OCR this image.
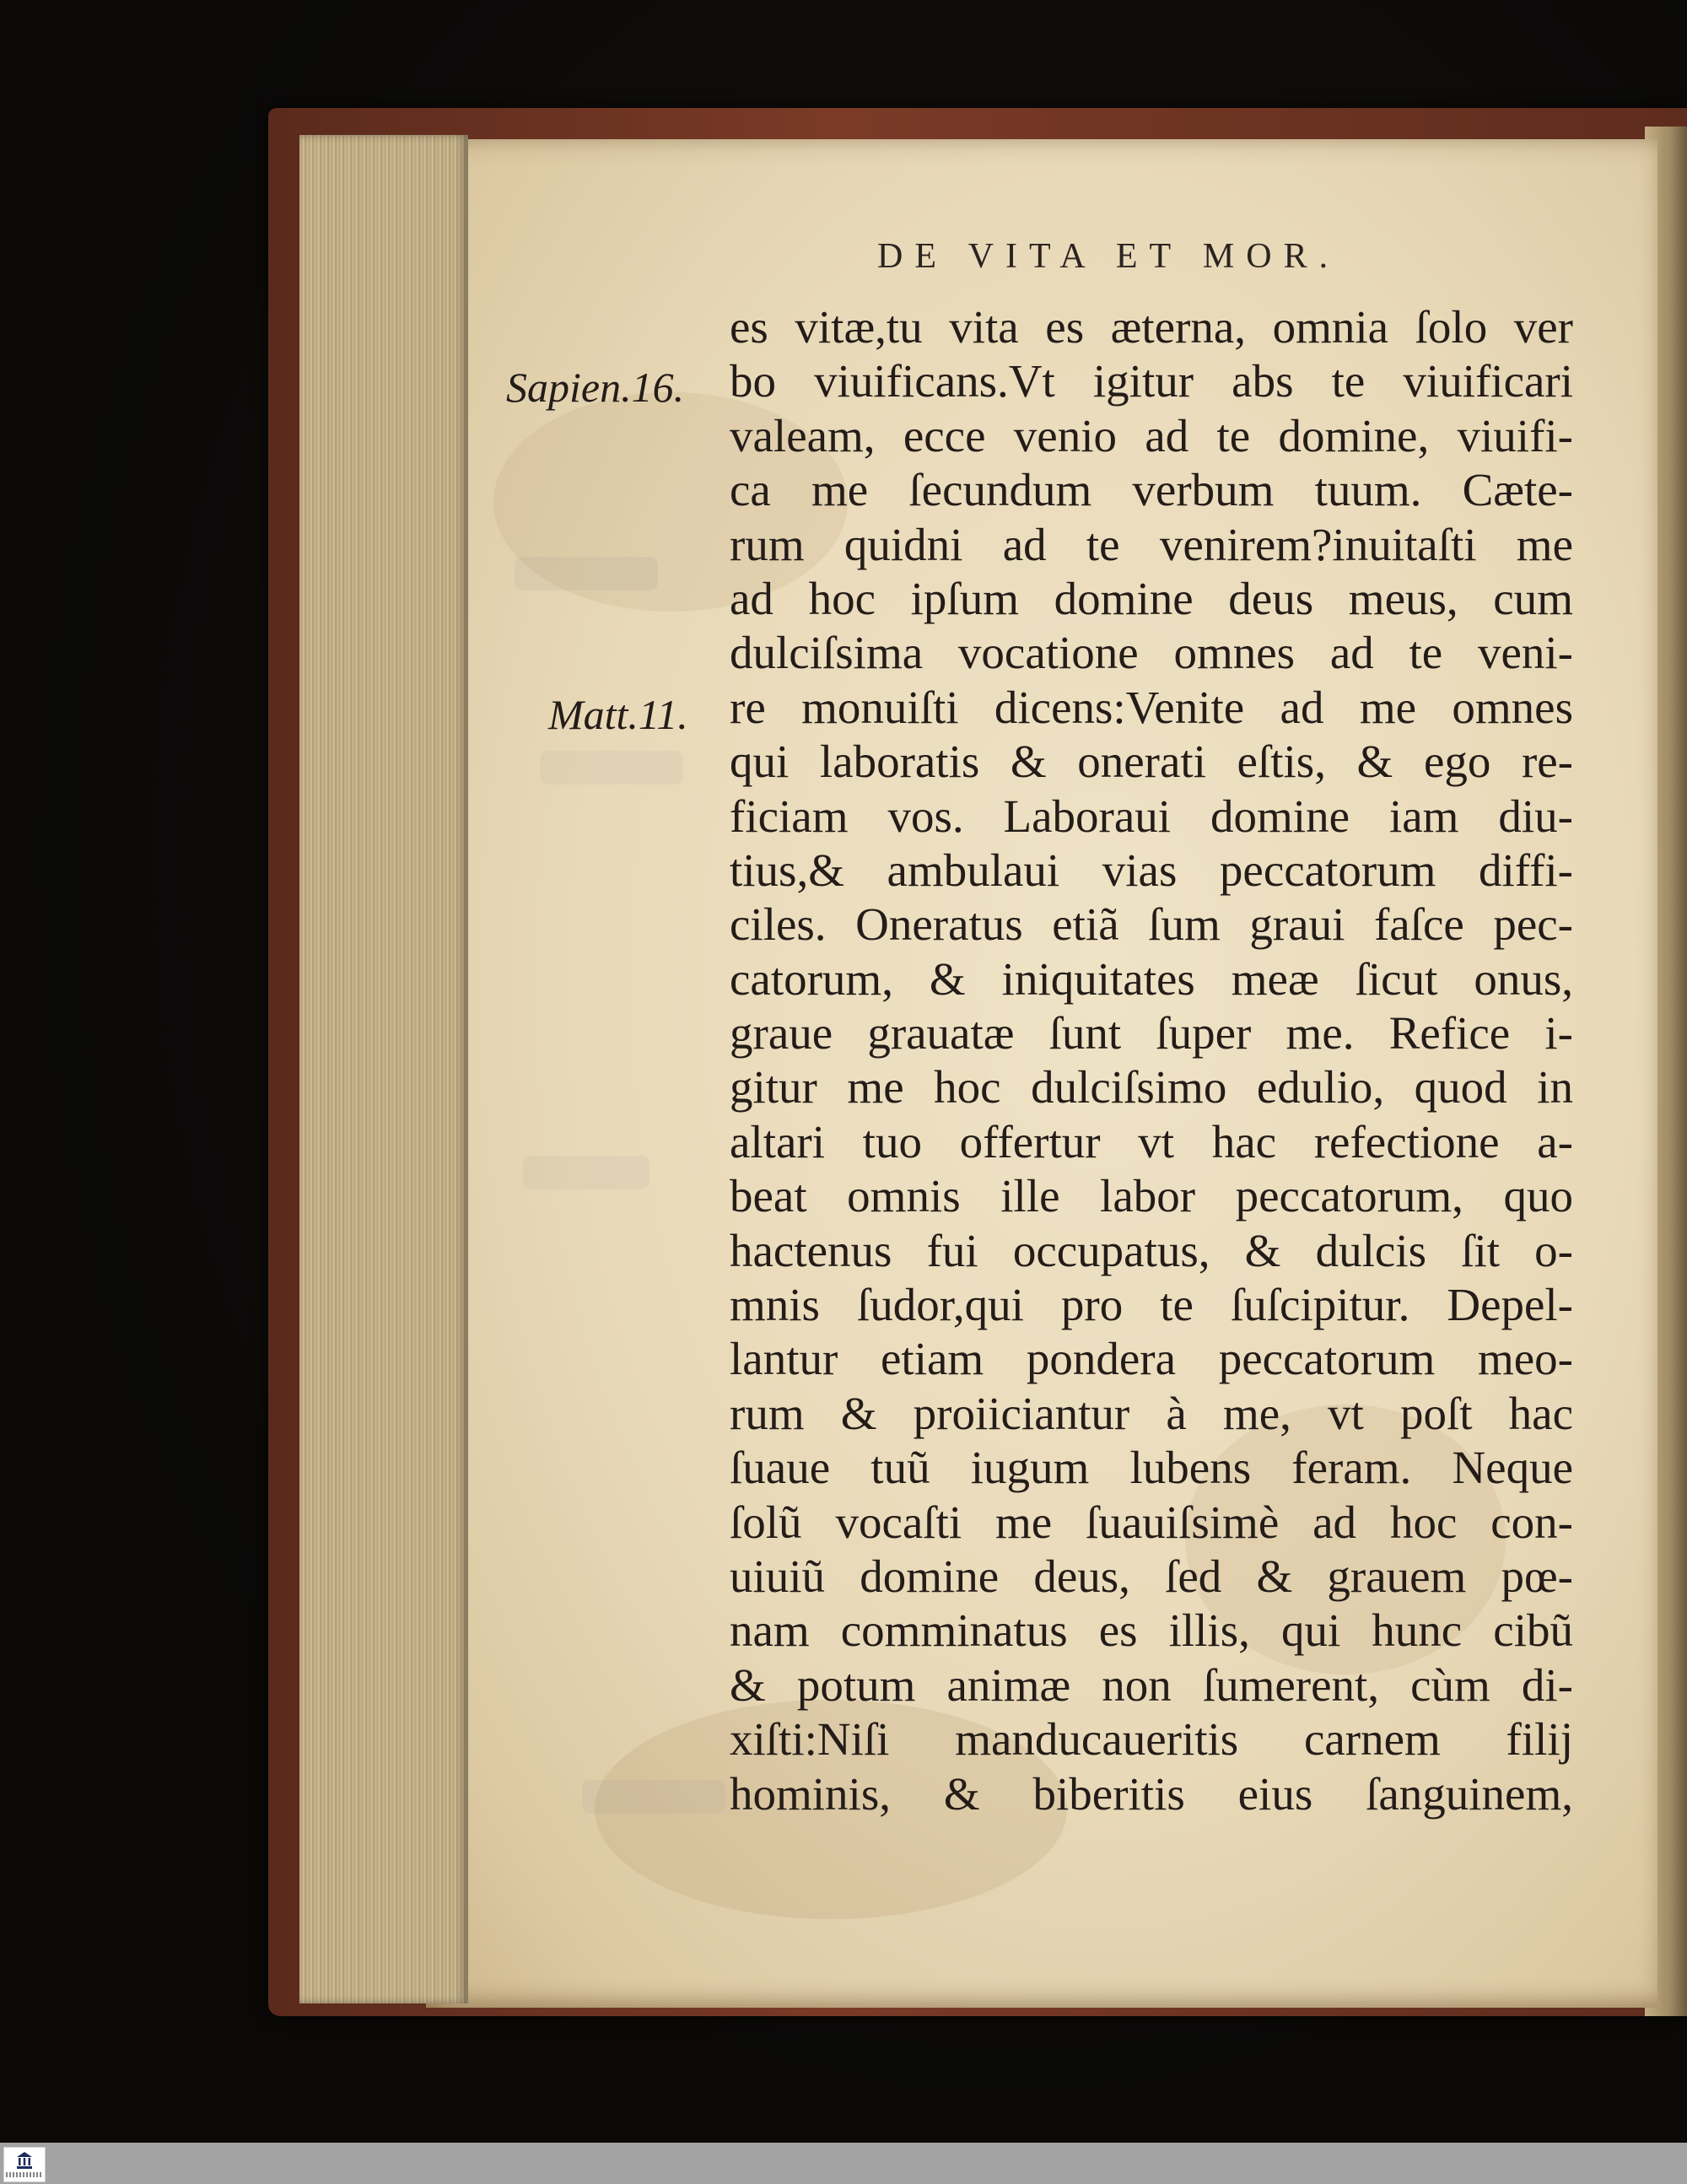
DE VITA ET MOR.
Sapien.16.
Matt.11.
es vitæ,tu vita es æterna, omnia ſolo ver
bo viuificans.Vt igitur abs te viuificari
valeam, ecce venio ad te domine, viuifi-
ca me ſecundum verbum tuum. Cæte-
rum quidni ad te venirem?inuitaſti me
ad hoc ipſum domine deus meus, cum
dulciſsima vocatione omnes ad te veni-
re monuiſti dicens:Venite ad me omnes
qui laboratis & onerati eſtis, & ego re-
ficiam vos. Laboraui domine iam diu-
tius,& ambulaui vias peccatorum diffi-
ciles. Oneratus etiã ſum graui faſce pec-
catorum, & iniquitates meæ ſicut onus,
graue grauatæ ſunt ſuper me. Refice i-
gitur me hoc dulciſsimo edulio, quod in
altari tuo offertur vt hac refectione a-
beat omnis ille labor peccatorum, quo
hactenus fui occupatus, & dulcis ſit o-
mnis ſudor,qui pro te ſuſcipitur. Depel-
lantur etiam pondera peccatorum meo-
rum & proiiciantur à me, vt poſt hac
ſuaue tuũ iugum lubens feram. Neque
ſolũ vocaſti me ſuauiſsimè ad hoc con-
uiuiũ domine deus, ſed & grauem pœ-
nam comminatus es illis, qui hunc cibũ
& potum animæ non ſumerent, cùm di-
xiſti:Niſi manducaueritis carnem filij
hominis, & biberitis eius ſanguinem,
